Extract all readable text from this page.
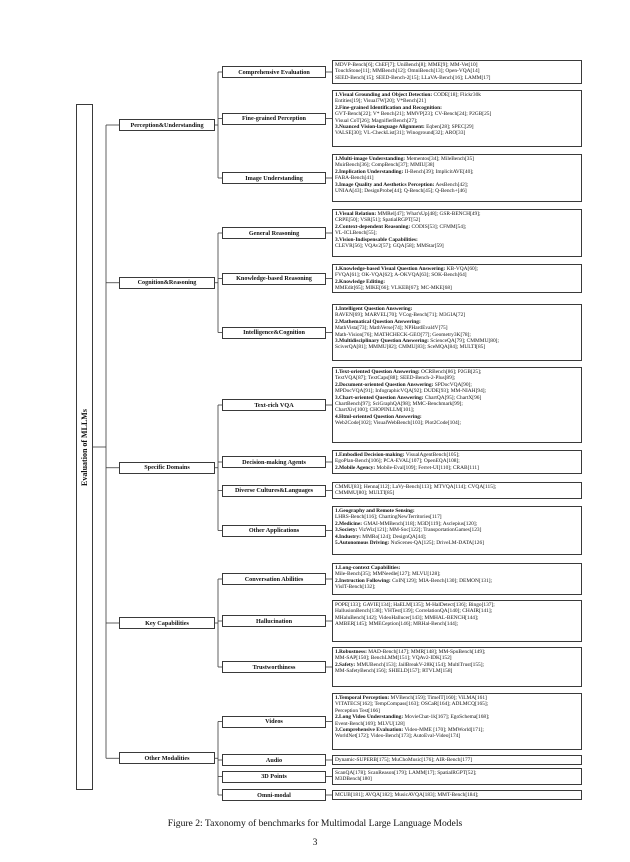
Evaluation of MLLMs
MDVP-Bench[6]; ChEF[7]; UniBench[8]; MME[9]; MM-Vet[10]
TouchStone[11]; MMBench[12]; OmniBench[13]; Open-VQA[14]
SEED-Bench[15]; SEED-Bench-2[15]; LLaVA-Bench[16]; LAMM[17]
Comprehensive Evaluation
1.Visual Grounding and Object Detection: CODE[18]; Flickr30k
Entities[19]; Visual7W[20]; V*Bench[21]
2.Fine-grained Identification and Recognition:
GVT-Bench[22]; V* Bench[21]; MMVP[23]; CV-Bench[24]; P2GB[25]
Visual CoT[26]; MagnifierBench[27];
3.Nuanced Vision-language Alignment: Eqben[28]; SPEC[29]
VALSE[30]; VL-CheckList[31]; Winoground[32]; ARO[33]
Fine-grained Perception
1.Multi-image Understanding: Mementos[34]; MileBench[35]
MuirBench[36]; CompBench[37]; MMIU[38]
2.Implication Understanding: II-Bench[39]; ImplicitAVE[40];
FABA-Bench[41]
3.Image Quality and Aesthetics Perception: AesBench[42];
UNIAA[43]; DesignProbe[44]; Q-Bench[45]; Q-Bench+[46]
Image Understanding
Perception&Understanding
1.Visual Relation: MMRel[47]; What'sUp[48]; GSR-BENCH[49];
CRPE[50]; VSR[51]; SpatialRGPT[52]
2.Context-dependent Reasoning: CODIS[53]; CFMM[54];
VL-ICLBench[55];
3.Vision-Indispensable Capabilities:
CLEVR[56]; VQAv2[57]; GQA[58]; MMStar[59]
General Reasoning
1.Knowledge-based Visual Question Answering: KB-VQA[60];
FVQA[61]; OK-VQA[62]; A-OKVQA[63]; SOK-Bench[64]
2.Knowledge Editing:
MMEdit[65]; MIKE[66]; VLKEB[67]; MC-MKE[68]
Knowledge-based Reasoning
1.Intelligent Question Answering:
RAVEN[69]; MARVEL[70]; VCog-Bench[71]; M3GIA[72]
2.Mathematical Question Answering:
MathVista[73]; MathVerse[74]; NPHardEval4V[75]
Math-Vision[76]; MATHCHECK-GEO[77]; Geometry3K[78];
3.Multidisciplinary Question Answering: ScienceQA[79]; CMMMU[80];
SciverQA[81]; MMMU[82]; CMMU[83]; SceMQA[84]; MULTI[85]
Intelligence&Cognition
Cognition&Reasoning
1.Text-oriented Question Answering: OCRBench[86]; P2GB[25];
TextVQA[87]; TextCaps[88]; SEED-Bench-2-Plus[89];
2.Document-oriented Question Answering: SPDocVQA[90];
MPDocVQA[91]; InfographicVQA[92]; DUDE[93]; MM-NIAH[94];
3.Chart-oriented Question Answering: ChartQA[95]; ChartX[96]
ChartBench[97]; SciGraphQA[98]; MMC-Benchmark[99];
ChartXiv[100]; CHOPINLLM[101];
4.Html-oriented Question Answering:
Web2Code[102]; VisualWebBench[103]; Plot2Code[104];
Text-rich VQA
1.Embodied Decision-making: VisualAgentBench[105];
EgoPlan-Bench[106]; PCA-EVAL[107]; OpenEQA[108];
2.Mobile Agency: Mobile-Eval[109]; Ferret-UI[110]; CRAB[111]
Decision-making Agents
CMMU[83]; Henna[112]; LaVy-Bench[113]; MTVQA[114]; CVQA[115];
CMMMU[80]; MULTI[85]
Diverse Cultures&Languages
1.Geography and Remote Sensing:
LHRS-Bench[116]; ChartingNewTerritories[117]
2.Medicine: GMAI-MMBench[118]; M3D[119]; Asclepius[120];
3.Society: VizWiz[121]; MM-Soc[122]; TransportationGames[123]
4.Industry: MMRo[124]; DesignQA[44];
5.Autonomous Driving: NuScenes-QA[125]; DriveLM-DATA[126]
Other Applications
Specific Domains
1.Long-context Capabilities:
Mile-Bench[35]; MMNeedle[127]; MLVU[128];
2.Instruction Following: CoIN[129]; MIA-Bench[130]; DEMON[131];
VisIT-Bench[132];
Conversation Abilities
POPE[133]; GAVIE[134]; HaELM[135]; M-HalDetect[136]; Bingo[137];
HallusionBench[138]; VHTest[139]; CorrelationQA[140]; CHAIR[141];
MHaluBench[142]; VideoHallucer[143]; MMHAL-BENCH[144];
AMBER[145]; MMECeption[146]; MRHal-Bench[144];
Hallucination
1.Robustness: MAD-Bench[147]; MMR[148]; MM-SpuBench[149];
MM-SAP[150]; BenchLMM[151]; VQAv2-IDK[152]
2.Safety: MMUBench[153]; JailBreakV-28K[154]; MultiTrust[155];
MM-SafetyBench[156]; SHIELD[157]; RTVLM[158]
Trustworthiness
Key Capabilities
1.Temporal Perception: MVBench[159]; TimeIT[160]; ViLMA[161]
VITATECS[162]; TempCompass[163]; OSCaR[164]; ADLMCQ[165];
Perception Test[166]
2.Long Video Understanding: MovieChat-1k[167]; EgoSchema[168];
Event-Bench[169]; MLVU[128]
3.Comprehensive Evaluation: Video-MME [170]; MMWorld[171];
WorldNet[172]; Video-Bench[173]; AutoEval-Video[174]
Videos
Dynamic-SUPERB[175]; MuChoMusic[176]; AIR-Bench[177]
Audio
ScanQA[178]; ScanReason[179]; LAMM[17]; SpatialRGPT[52];
M3DBench[180]
3D Points
MCUB[181]; AVQA[182]; MusicAVQA[183]; MMT-Bench[184];
Omni-modal
Other Modalities
Figure 2: Taxonomy of benchmarks for Multimodal Large Language Models
3
